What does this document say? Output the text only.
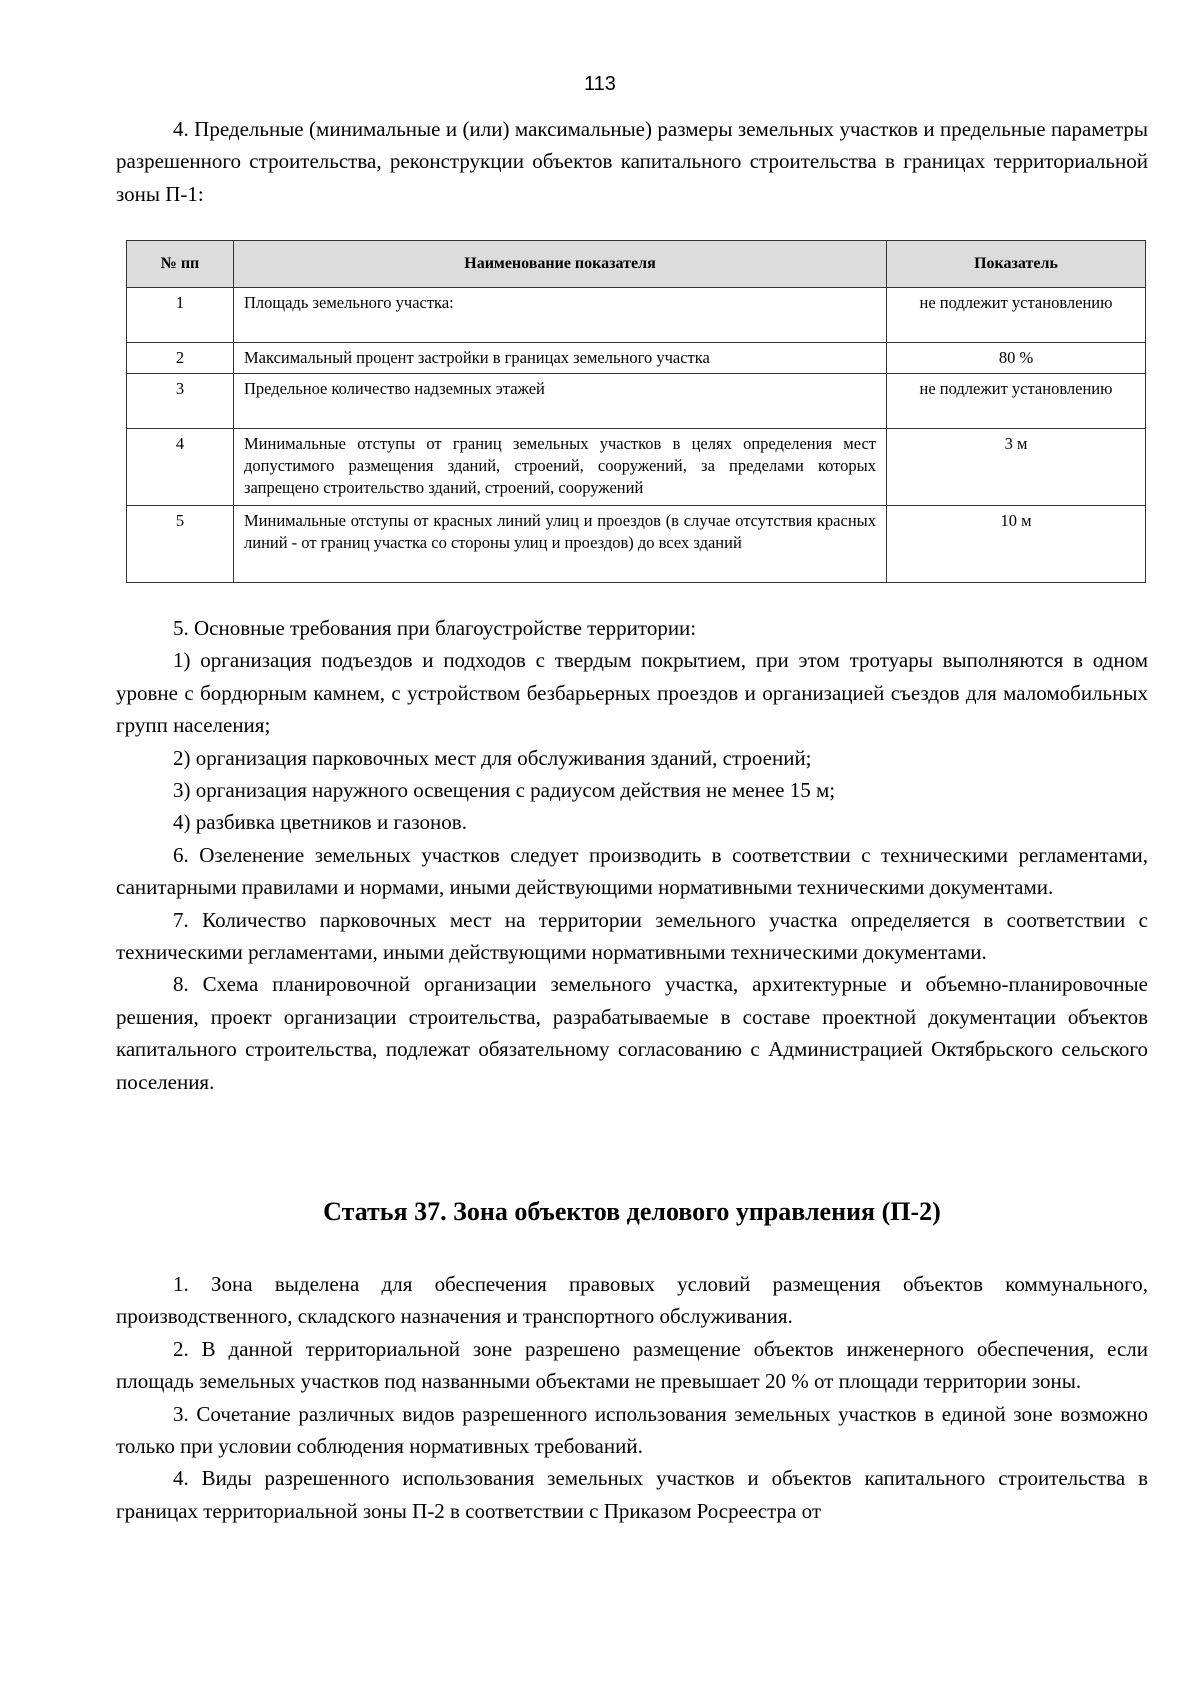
113

4. Предельные (минимальные и (или) максимальные) размеры земельных участков и предельные параметры разрешенного строительства, реконструкции объектов капитального строительства в границах территориальной зоны П-1:

№ пп	Наименование показателя	Показатель
1	Площадь земельного участка:	не подлежит установлению
2	Максимальный процент застройки в границах земельного участка	80 %
3	Предельное количество надземных этажей	не подлежит установлению
4	Минимальные отступы от границ земельных участков в целях определения мест допустимого размещения зданий, строений, сооружений, за пределами которых запрещено строительство зданий, строений, сооружений	3 м
5	Минимальные отступы от красных линий улиц и проездов (в случае отсутствия красных линий - от границ участка со стороны улиц и проездов) до всех зданий	10 м

5. Основные требования при благоустройстве территории:

1) организация подъездов и подходов с твердым покрытием, при этом тротуары выполняются в одном уровне с бордюрным камнем, с устройством безбарьерных проездов и организацией съездов для маломобильных групп населения;

2) организация парковочных мест для обслуживания зданий, строений;

3) организация наружного освещения с радиусом действия не менее 15 м;

4) разбивка цветников и газонов.

6. Озеленение земельных участков следует производить в соответствии с техническими регламентами, санитарными правилами и нормами, иными действующими нормативными техническими документами.

7. Количество парковочных мест на территории земельного участка определяется в соответствии с техническими регламентами, иными действующими нормативными техническими документами.

8. Схема планировочной организации земельного участка, архитектурные и объемно-планировочные решения, проект организации строительства, разрабатываемые в составе проектной документации объектов капитального строительства, подлежат обязательному согласованию с Администрацией Октябрьского сельского поселения.

Статья 37. Зона объектов делового управления (П-2)

1. Зона выделена для обеспечения правовых условий размещения объектов коммунального, производственного, складского назначения и транспортного обслуживания.

2. В данной территориальной зоне разрешено размещение объектов инженерного обеспечения, если площадь земельных участков под названными объектами не превышает 20 % от площади территории зоны.

3. Сочетание различных видов разрешенного использования земельных участков в единой зоне возможно только при условии соблюдения нормативных требований.

4. Виды разрешенного использования земельных участков и объектов капитального строительства в границах территориальной зоны П-2 в соответствии с Приказом Росреестра от
